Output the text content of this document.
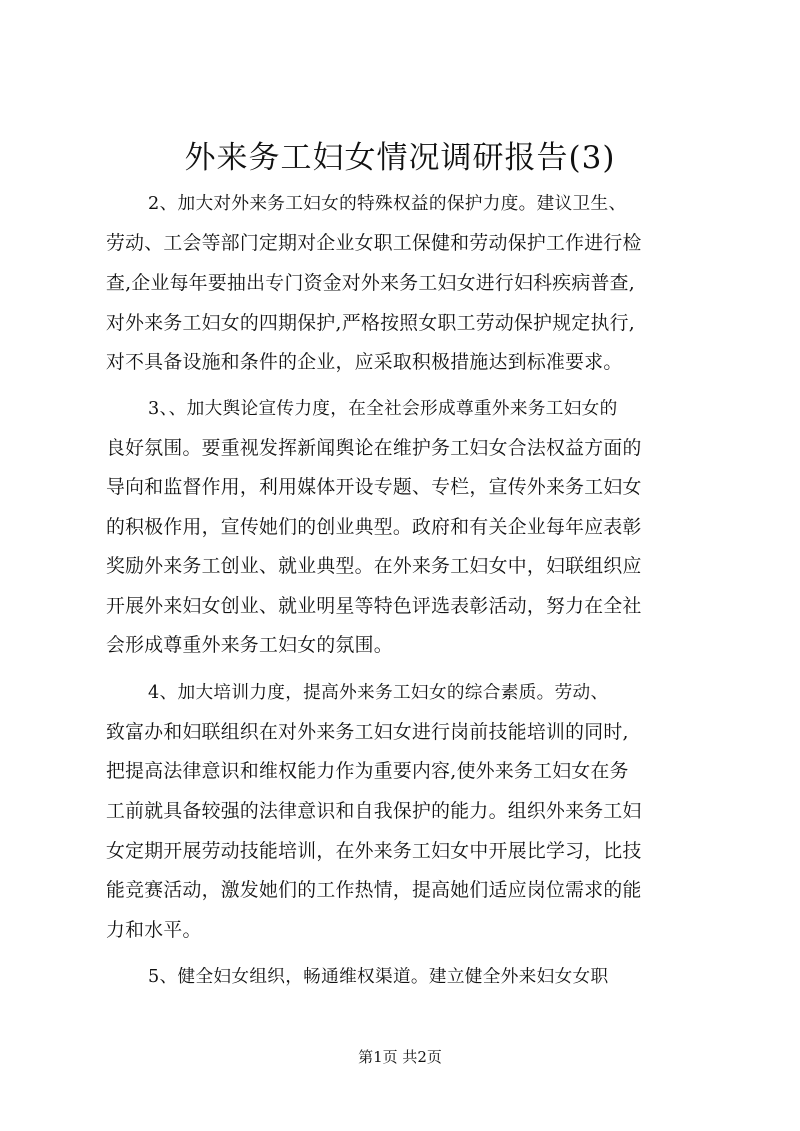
外来务工妇女情况调研报告(3)
2、加大对外来务工妇女的特殊权益的保护力度。建议卫生、
劳动、工会等部门定期对企业女职工保健和劳动保护工作进行检
查,企业每年要抽出专门资金对外来务工妇女进行妇科疾病普查,
对外来务工妇女的四期保护,严格按照女职工劳动保护规定执行,
对不具备设施和条件的企业，应采取积极措施达到标准要求。
3、、加大舆论宣传力度，在全社会形成尊重外来务工妇女的
良好氛围。要重视发挥新闻舆论在维护务工妇女合法权益方面的
导向和监督作用，利用媒体开设专题、专栏，宣传外来务工妇女
的积极作用，宣传她们的创业典型。政府和有关企业每年应表彰
奖励外来务工创业、就业典型。在外来务工妇女中，妇联组织应
开展外来妇女创业、就业明星等特色评选表彰活动，努力在全社
会形成尊重外来务工妇女的氛围。
4、加大培训力度，提高外来务工妇女的综合素质。劳动、
致富办和妇联组织在对外来务工妇女进行岗前技能培训的同时,
把提高法律意识和维权能力作为重要内容,使外来务工妇女在务
工前就具备较强的法律意识和自我保护的能力。组织外来务工妇
女定期开展劳动技能培训，在外来务工妇女中开展比学习，比技
能竞赛活动，激发她们的工作热情，提高她们适应岗位需求的能
力和水平。
5、健全妇女组织，畅通维权渠道。建立健全外来妇女女职
第1页 共2页
